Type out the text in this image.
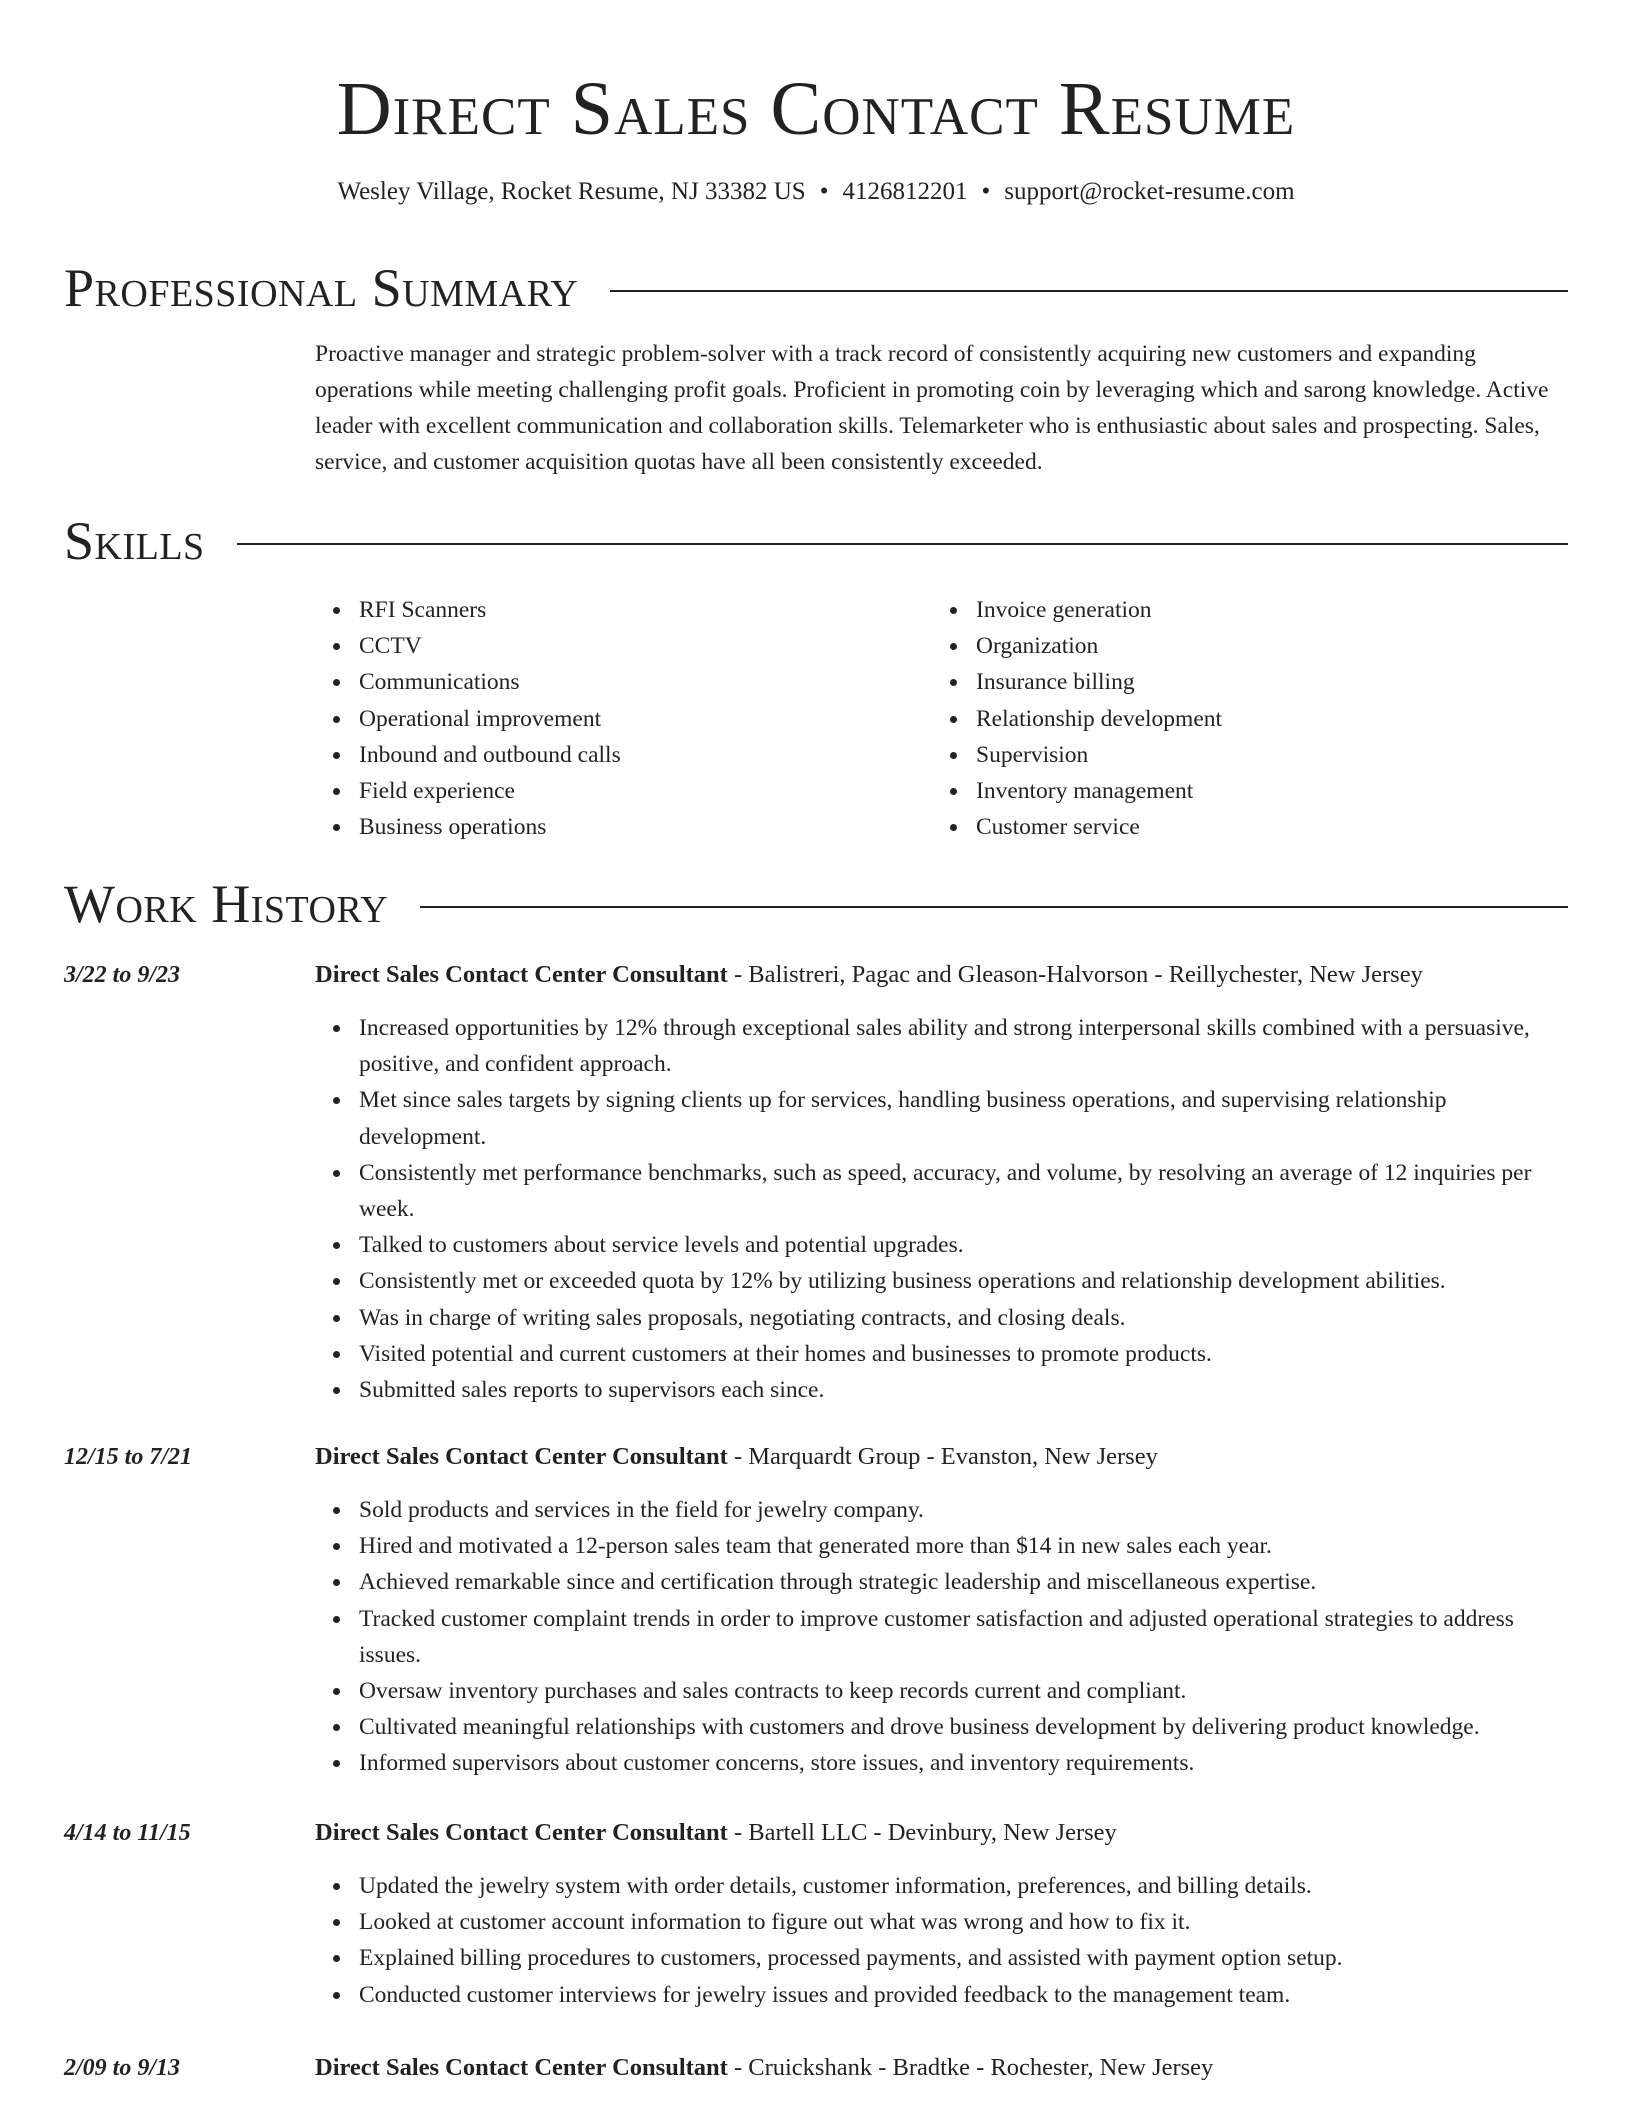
Direct Sales Contact Resume
Wesley Village, Rocket Resume, NJ 33382 US • 4126812201 • support@rocket-resume.com
Professional Summary

Proactive manager and strategic problem-solver with a track record of consistently acquiring new customers and expanding operations while meeting challenging profit goals. Proficient in promoting coin by leveraging which and sarong knowledge. Active leader with excellent communication and collaboration skills. Telemarketer who is enthusiastic about sales and prospecting. Sales, service, and customer acquisition quotas have all been consistently exceeded.

Skills
RFI Scanners
CCTV
Communications
Operational improvement
Inbound and outbound calls
Field experience
Business operations
Invoice generation
Organization
Insurance billing
Relationship development
Supervision
Inventory management
Customer service
Work History
3/22 to 9/23	Direct Sales Contact Center Consultant - Balistreri, Pagac and Gleason-Halvorson - Reillychester, New Jersey
Increased opportunities by 12% through exceptional sales ability and strong interpersonal skills combined with a persuasive, positive, and confident approach.
Met since sales targets by signing clients up for services, handling business operations, and supervising relationship development.
Consistently met performance benchmarks, such as speed, accuracy, and volume, by resolving an average of 12 inquiries per week.
Talked to customers about service levels and potential upgrades.
Consistently met or exceeded quota by 12% by utilizing business operations and relationship development abilities.
Was in charge of writing sales proposals, negotiating contracts, and closing deals.
Visited potential and current customers at their homes and businesses to promote products.
Submitted sales reports to supervisors each since.
12/15 to 7/21	Direct Sales Contact Center Consultant - Marquardt Group - Evanston, New Jersey
Sold products and services in the field for jewelry company.
Hired and motivated a 12-person sales team that generated more than $14 in new sales each year.
Achieved remarkable since and certification through strategic leadership and miscellaneous expertise.
Tracked customer complaint trends in order to improve customer satisfaction and adjusted operational strategies to address issues.
Oversaw inventory purchases and sales contracts to keep records current and compliant.
Cultivated meaningful relationships with customers and drove business development by delivering product knowledge.
Informed supervisors about customer concerns, store issues, and inventory requirements.
4/14 to 11/15	Direct Sales Contact Center Consultant - Bartell LLC - Devinbury, New Jersey
Updated the jewelry system with order details, customer information, preferences, and billing details.
Looked at customer account information to figure out what was wrong and how to fix it.
Explained billing procedures to customers, processed payments, and assisted with payment option setup.
Conducted customer interviews for jewelry issues and provided feedback to the management team.
2/09 to 9/13	Direct Sales Contact Center Consultant - Cruickshank - Bradtke - Rochester, New Jersey
